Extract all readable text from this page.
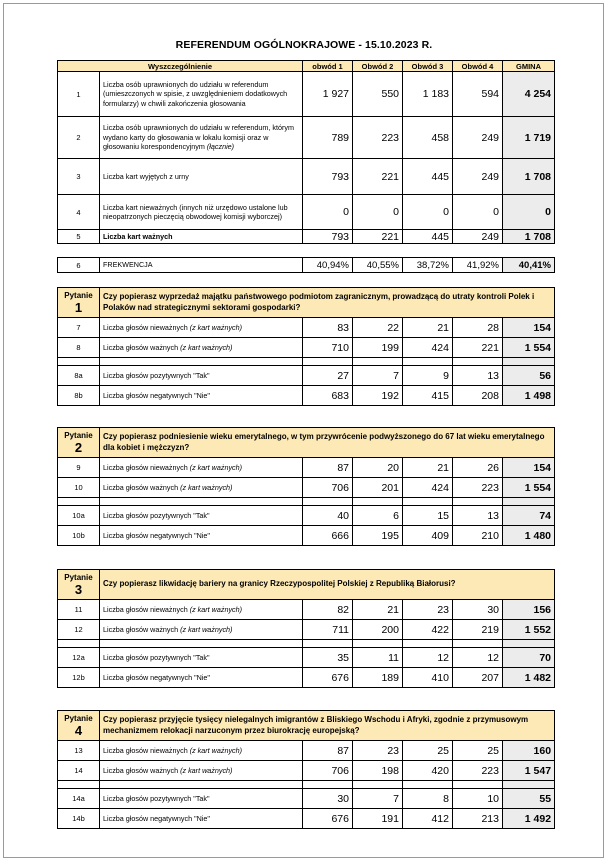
REFERENDUM OGÓLNOKRAJOWE - 15.10.2023 R.
Wyszczególnienie		obwód 1	Obwód 2	Obwód 3	Obwód 4	GMINA
1	Liczba osób uprawnionych do udziału w referendum (umieszczonych w spisie, z uwzględnieniem dodatkowych formularzy) w chwili zakończenia głosowania	1 927	550	1 183	594	4 254
2	Liczba osób uprawnionych do udziału w referendum, którym wydano karty do głosowania w lokalu komisji oraz w głosowaniu korespondencyjnym (łącznie)	789	223	458	249	1 719
3	Liczba kart wyjętych z urny	793	221	445	249	1 708
4	Liczba kart nieważnych (innych niż urzędowo ustalone lub nieopatrzonych pieczęcią obwodowej komisji wyborczej)	0	0	0	0	0
5	Liczba kart ważnych	793	221	445	249	1 708
6	FREKWENCJA	40,94%	40,55%	38,72%	41,92%	40,41%
Pytanie
1	Czy popierasz wyprzedaż majątku państwowego podmiotom zagranicznym, prowadzącą do utraty kontroli Polek i Polaków nad strategicznymi sektorami gospodarki?					
7	Liczba głosów nieważnych (z kart ważnych)	83	22	21	28	154
8	Liczba głosów ważnych (z kart ważnych)	710	199	424	221	1 554

8a	Liczba głosów pozytywnych "Tak"	27	7	9	13	56
8b	Liczba głosów negatywnych "Nie"	683	192	415	208	1 498
Pytanie
2	Czy popierasz podniesienie wieku emerytalnego, w tym przywrócenie podwyższonego do 67 lat wieku emerytalnego dla kobiet i mężczyzn?					
9	Liczba głosów nieważnych (z kart ważnych)	87	20	21	26	154
10	Liczba głosów ważnych (z kart ważnych)	706	201	424	223	1 554

10a	Liczba głosów pozytywnych "Tak"	40	6	15	13	74
10b	Liczba głosów negatywnych "Nie"	666	195	409	210	1 480
Pytanie
3	Czy popierasz likwidację bariery na granicy Rzeczypospolitej Polskiej z Republiką Białorusi?					
11	Liczba głosów nieważnych (z kart ważnych)	82	21	23	30	156
12	Liczba głosów ważnych (z kart ważnych)	711	200	422	219	1 552

12a	Liczba głosów pozytywnych "Tak"	35	11	12	12	70
12b	Liczba głosów negatywnych "Nie"	676	189	410	207	1 482
Pytanie
4	Czy popierasz przyjęcie tysięcy nielegalnych imigrantów z Bliskiego Wschodu i Afryki, zgodnie z przymusowym mechanizmem relokacji narzuconym przez biurokrację europejską?					
13	Liczba głosów nieważnych (z kart ważnych)	87	23	25	25	160
14	Liczba głosów ważnych (z kart ważnych)	706	198	420	223	1 547

14a	Liczba głosów pozytywnych "Tak"	30	7	8	10	55
14b	Liczba głosów negatywnych "Nie"	676	191	412	213	1 492
